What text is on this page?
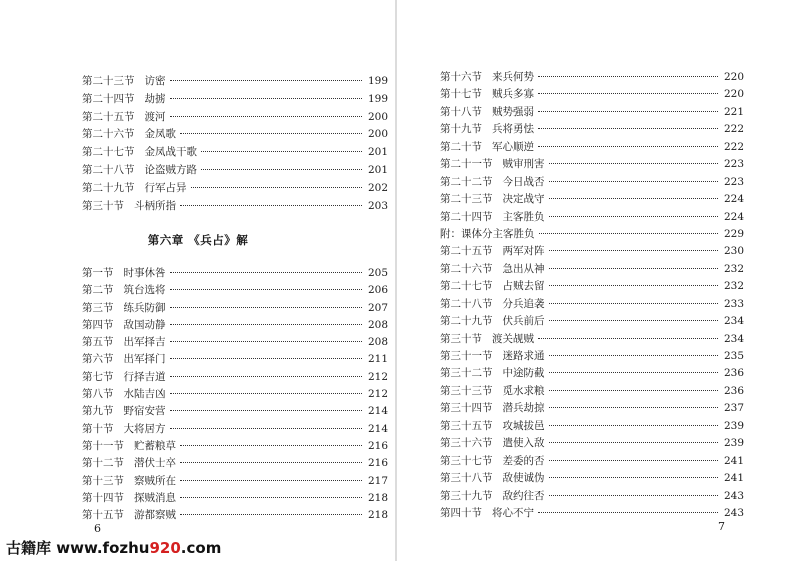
第二十三节 访密	199
第二十四节 劫掳	199
第二十五节 渡河	200
第二十六节 金凤歌	200
第二十七节 金凤战干歌	201
第二十八节 论盗贼方路	201
第二十九节 行军占异	202
第三十节 斗柄所指	203
第六章 《兵占》解
第一节 时事休咎	205
第二节 筑台选将	206
第三节 练兵防御	207
第四节 敌国动静	208
第五节 出军择吉	208
第六节 出军择门	211
第七节 行择吉道	212
第八节 水陆吉凶	212
第九节 野宿安营	214
第十节 大将居方	214
第十一节 贮蓄粮草	216
第十二节 潜伏士卒	216
第十三节 察贼所在	217
第十四节 探贼消息	218
第十五节 游都察贼	218
6
第十六节 来兵何势	220
第十七节 贼兵多寡	220
第十八节 贼势强弱	221
第十九节 兵将勇怯	222
第二十节 军心顺逆	222
第二十一节 贼审刑害	223
第二十二节 今日战否	223
第二十三节 决定战守	224
第二十四节 主客胜负	224
附：课体分主客胜负	229
第二十五节 两军对阵	230
第二十六节 急出从神	232
第二十七节 占贼去留	232
第二十八节 分兵追袭	233
第二十九节 伏兵前后	234
第三十节 渡关觇贼	234
第三十一节 迷路求通	235
第三十二节 中途防截	236
第三十三节 觅水求粮	236
第三十四节 潜兵劫掠	237
第三十五节 攻城拔邑	239
第三十六节 遣使入敌	239
第三十七节 差委的否	241
第三十八节 敌使诚伪	241
第三十九节 敌约往否	243
第四十节 将心不宁	243
7
古籍库 www.fozhu920.com
